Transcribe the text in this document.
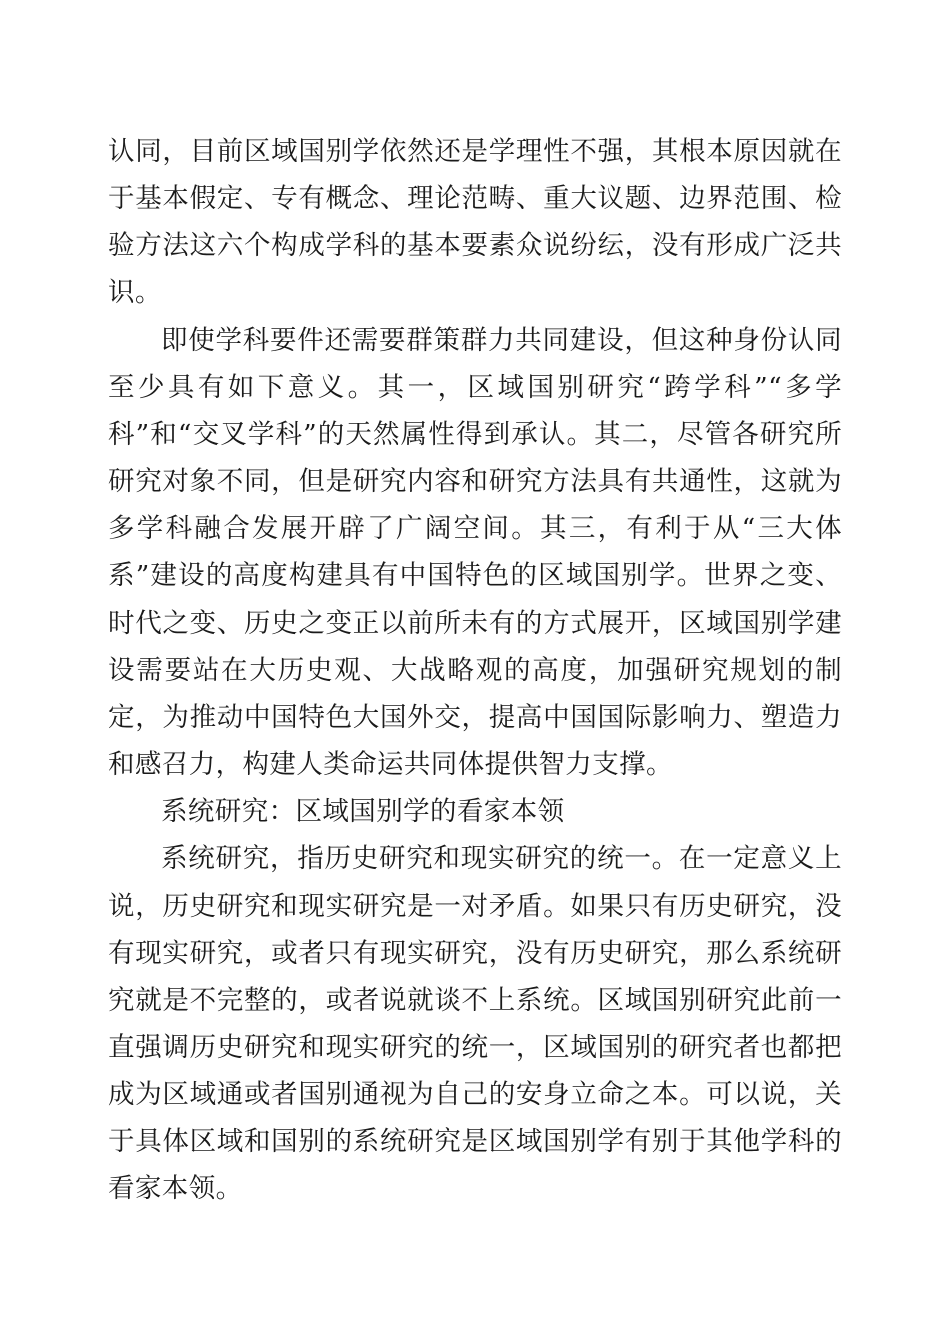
认同，目前区域国别学依然还是学理性不强，其根本原因就在于基本假定、专有概念、理论范畴、重大议题、边界范围、检验方法这六个构成学科的基本要素众说纷纭，没有形成广泛共识。

即使学科要件还需要群策群力共同建设，但这种身份认同至少具有如下意义。其一，区域国别研究“跨学科”“多学科”和“交叉学科”的天然属性得到承认。其二，尽管各研究所研究对象不同，但是研究内容和研究方法具有共通性，这就为多学科融合发展开辟了广阔空间。其三，有利于从“三大体系”建设的高度构建具有中国特色的区域国别学。世界之变、时代之变、历史之变正以前所未有的方式展开，区域国别学建设需要站在大历史观、大战略观的高度，加强研究规划的制定，为推动中国特色大国外交，提高中国国际影响力、塑造力和感召力，构建人类命运共同体提供智力支撑。

系统研究：区域国别学的看家本领

系统研究，指历史研究和现实研究的统一。在一定意义上说，历史研究和现实研究是一对矛盾。如果只有历史研究，没有现实研究，或者只有现实研究，没有历史研究，那么系统研究就是不完整的，或者说就谈不上系统。区域国别研究此前一直强调历史研究和现实研究的统一，区域国别的研究者也都把成为区域通或者国别通视为自己的安身立命之本。可以说，关于具体区域和国别的系统研究是区域国别学有别于其他学科的看家本领。
